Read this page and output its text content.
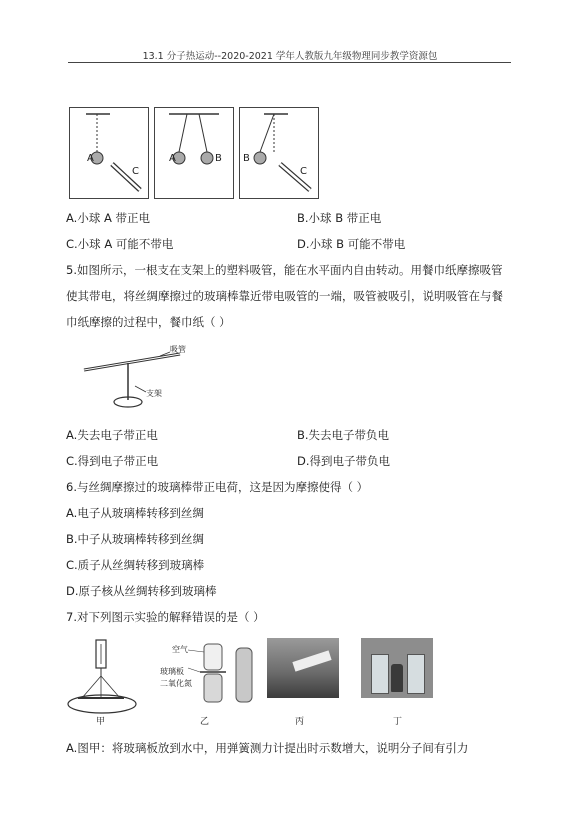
13.1 分子热运动--2020-2021 学年人教版九年级物理同步教学资源包
A
C
A	B B
C
A.小球 A 带正电	B.小球 B 带正电
C.小球 A 可能不带电	D.小球 B 可能不带电
5.如图所示，一根支在支架上的塑料吸管，能在水平面内自由转动。用餐巾纸摩擦吸管
使其带电，将丝绸摩擦过的玻璃棒靠近带电吸管的一端，吸管被吸引，说明吸管在与餐
巾纸摩擦的过程中，餐巾纸（ ）
吸管
支架
A.失去电子带正电	B.失去电子带负电
C.得到电子带正电	D.得到电子带负电
6.与丝绸摩擦过的玻璃棒带正电荷，这是因为摩擦使得（ ）
A.电子从玻璃棒转移到丝绸
B.中子从玻璃棒转移到丝绸
C.质子从丝绸转移到玻璃棒
D.原子核从丝绸转移到玻璃棒
7.对下列图示实验的解释错误的是（ ）
甲
空气
玻璃板
二氧化氮
乙	丙	丁
A.图甲：将玻璃板放到水中，用弹簧测力计提出时示数增大，说明分子间有引力
